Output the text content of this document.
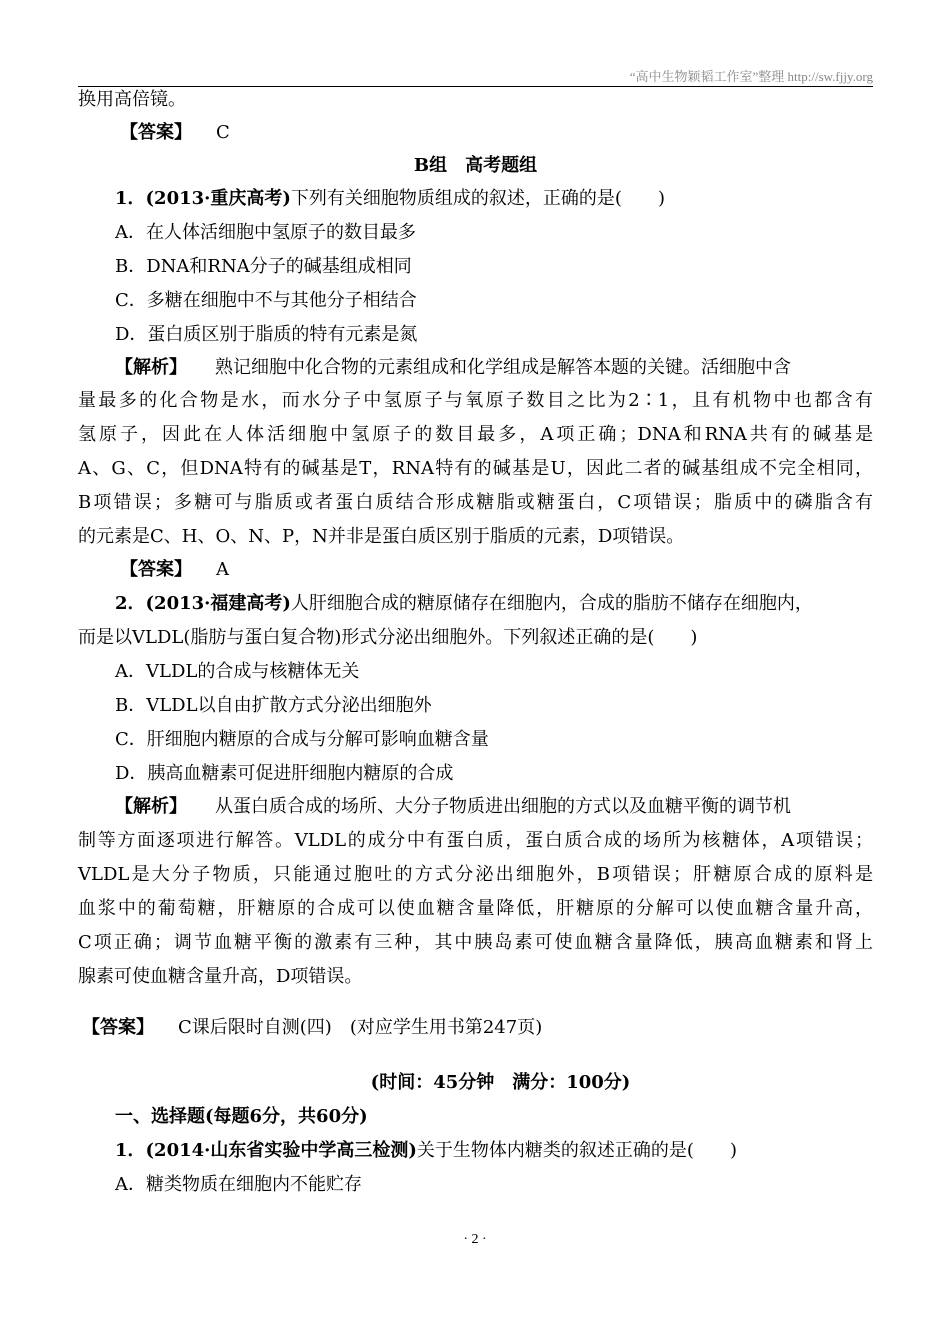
“高中生物颖韬工作室”整理 http://sw.fjjy.org
换用高倍镜。
【答案】 C
B组　高考题组
1．(2013·重庆高考)下列有关细胞物质组成的叙述，正确的是(　　)
A．在人体活细胞中氢原子的数目最多
B．DNA和RNA分子的碱基组成相同
C．多糖在细胞中不与其他分子相结合
D．蛋白质区别于脂质的特有元素是氮
【解析】 熟记细胞中化合物的元素组成和化学组成是解答本题的关键。活细胞中含
量最多的化合物是水，而水分子中氢原子与氧原子数目之比为2∶1，且有机物中也都含有
氢原子，因此在人体活细胞中氢原子的数目最多，A项正确；DNA和RNA共有的碱基是
A、G、C，但DNA特有的碱基是T，RNA特有的碱基是U，因此二者的碱基组成不完全相同，
B项错误；多糖可与脂质或者蛋白质结合形成糖脂或糖蛋白，C项错误；脂质中的磷脂含有
的元素是C、H、O、N、P，N并非是蛋白质区别于脂质的元素，D项错误。
【答案】 A
2．(2013·福建高考)人肝细胞合成的糖原储存在细胞内，合成的脂肪不储存在细胞内，
而是以VLDL(脂肪与蛋白复合物)形式分泌出细胞外。下列叙述正确的是(　　)
A．VLDL的合成与核糖体无关
B．VLDL以自由扩散方式分泌出细胞外
C．肝细胞内糖原的合成与分解可影响血糖含量
D．胰高血糖素可促进肝细胞内糖原的合成
【解析】 从蛋白质合成的场所、大分子物质进出细胞的方式以及血糖平衡的调节机
制等方面逐项进行解答。VLDL的成分中有蛋白质，蛋白质合成的场所为核糖体，A项错误；
VLDL是大分子物质，只能通过胞吐的方式分泌出细胞外，B项错误；肝糖原合成的原料是
血浆中的葡萄糖，肝糖原的合成可以使血糖含量降低，肝糖原的分解可以使血糖含量升高，
C项正确；调节血糖平衡的激素有三种，其中胰岛素可使血糖含量降低，胰高血糖素和肾上
腺素可使血糖含量升高，D项错误。
【答案】 C课后限时自测(四)　(对应学生用书第247页)
(时间：45分钟　满分：100分)
一、选择题(每题6分，共60分)
1．(2014·山东省实验中学高三检测)关于生物体内糖类的叙述正确的是(　　)
A．糖类物质在细胞内不能贮存
· 2 ·
